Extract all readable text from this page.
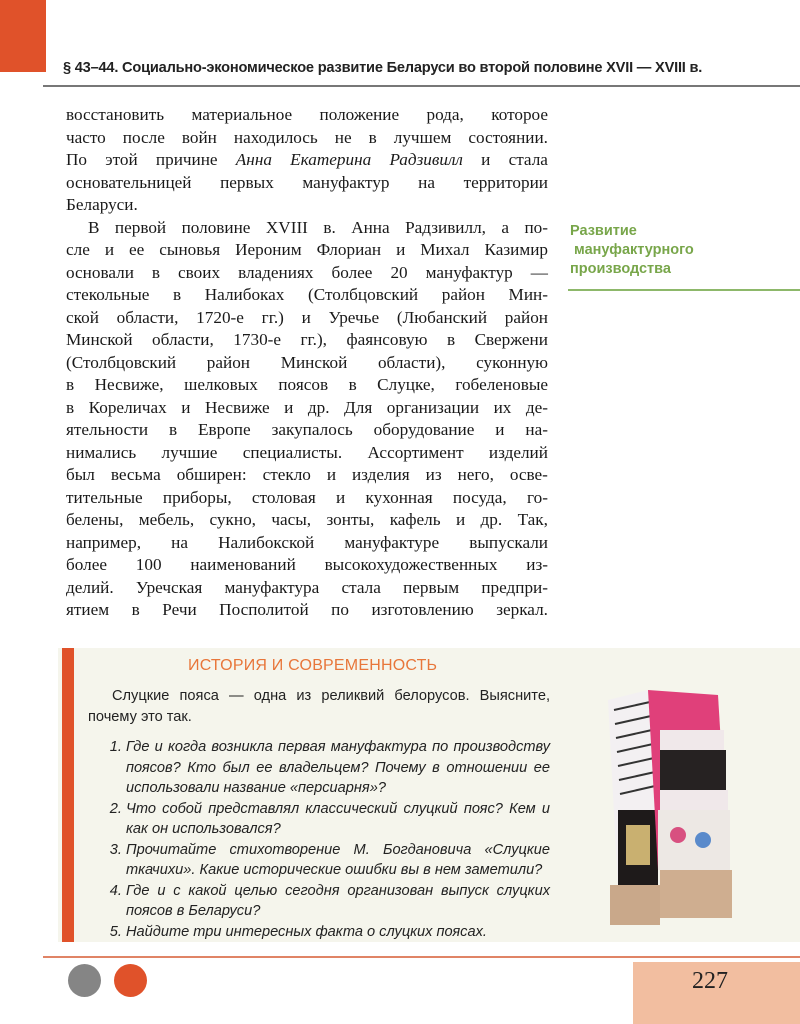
§ 43–44. Социально-экономическое развитие Беларуси во второй половине XVII — XVIII в.
восстановить материальное положение рода, которое
часто после войн находилось не в лучшем состоянии.
По этой причине Анна Екатерина Радзивилл и стала
основательницей первых мануфактур на территории
Беларуси.
В первой половине XVIII в. Анна Радзивилл, а по-
сле и ее сыновья Иероним Флориан и Михал Казимир
основали в своих владениях более 20 мануфактур —
стекольные в Налибоках (Столбцовский район Мин-
ской области, 1720-е гг.) и Уречье (Любанский район
Минской области, 1730-е гг.), фаянсовую в Свержени
(Столбцовский район Минской области), суконную
в Несвиже, шелковых поясов в Слуцке, гобеленовые
в Кореличах и Несвиже и др. Для организации их де-
ятельности в Европе закупалось оборудование и на-
нимались лучшие специалисты. Ассортимент изделий
был весьма обширен: стекло и изделия из него, осве-
тительные приборы, столовая и кухонная посуда, го-
белены, мебель, сукно, часы, зонты, кафель и др. Так,
например, на Налибокской мануфактуре выпускали
более 100 наименований высокохудожественных из-
делий. Уречская мануфактура стала первым предпри-
ятием в Речи Посполитой по изготовлению зеркал.
Развитие
мануфактурного
производства
ИСТОРИЯ И СОВРЕМЕННОСТЬ
Слуцкие пояса — одна из реликвий белорусов. Выясните, почему это так.
1. Где и когда возникла первая мануфактура по производству поясов? Кто был ее владельцем? Почему в отношении ее использовали название «персиарня»?
2. Что собой представлял классический слуцкий пояс? Кем и как он использовался?
3. Прочитайте стихотворение М. Богдановича «Слуцкие ткачихи». Какие исторические ошибки вы в нем заметили?
4. Где и с какой целью сегодня организован выпуск слуцких поясов в Беларуси?
5. Найдите три интересных факта о слуцких поясах.
227
